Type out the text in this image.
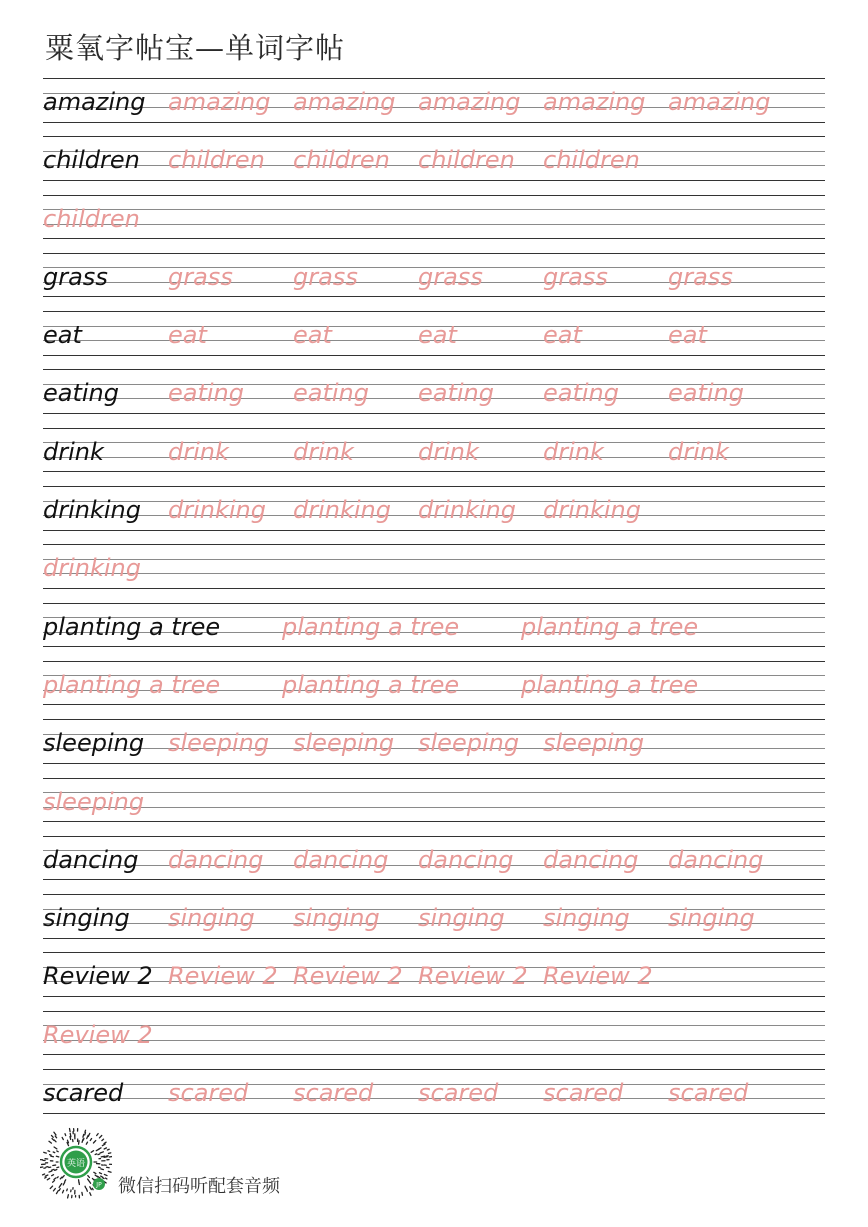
粟氧字帖宝—单词字帖
amazing amazing amazing amazing amazing amazing
children	children	children	children	children
children
grass	grass	grass	grass	grass	grass
eat	eat	eat	eat	eat	eat
eating	eating	eating	eating	eating	eating
drink	drink	drink	drink	drink	drink
drinking	drinking	drinking	drinking	drinking
drinking
planting a tree	planting a tree	planting a tree
planting a tree	planting a tree	planting a tree
sleeping sleeping sleeping sleeping sleeping
sleeping
dancing	dancing	dancing	dancing	dancing	dancing
singing	singing	singing	singing	singing	singing
Review 2 Review 2 Review 2 Review 2 Review 2
Review 2
scared	scared	scared	scared	scared	scared
英语
JP 微信扫码听配套音频
